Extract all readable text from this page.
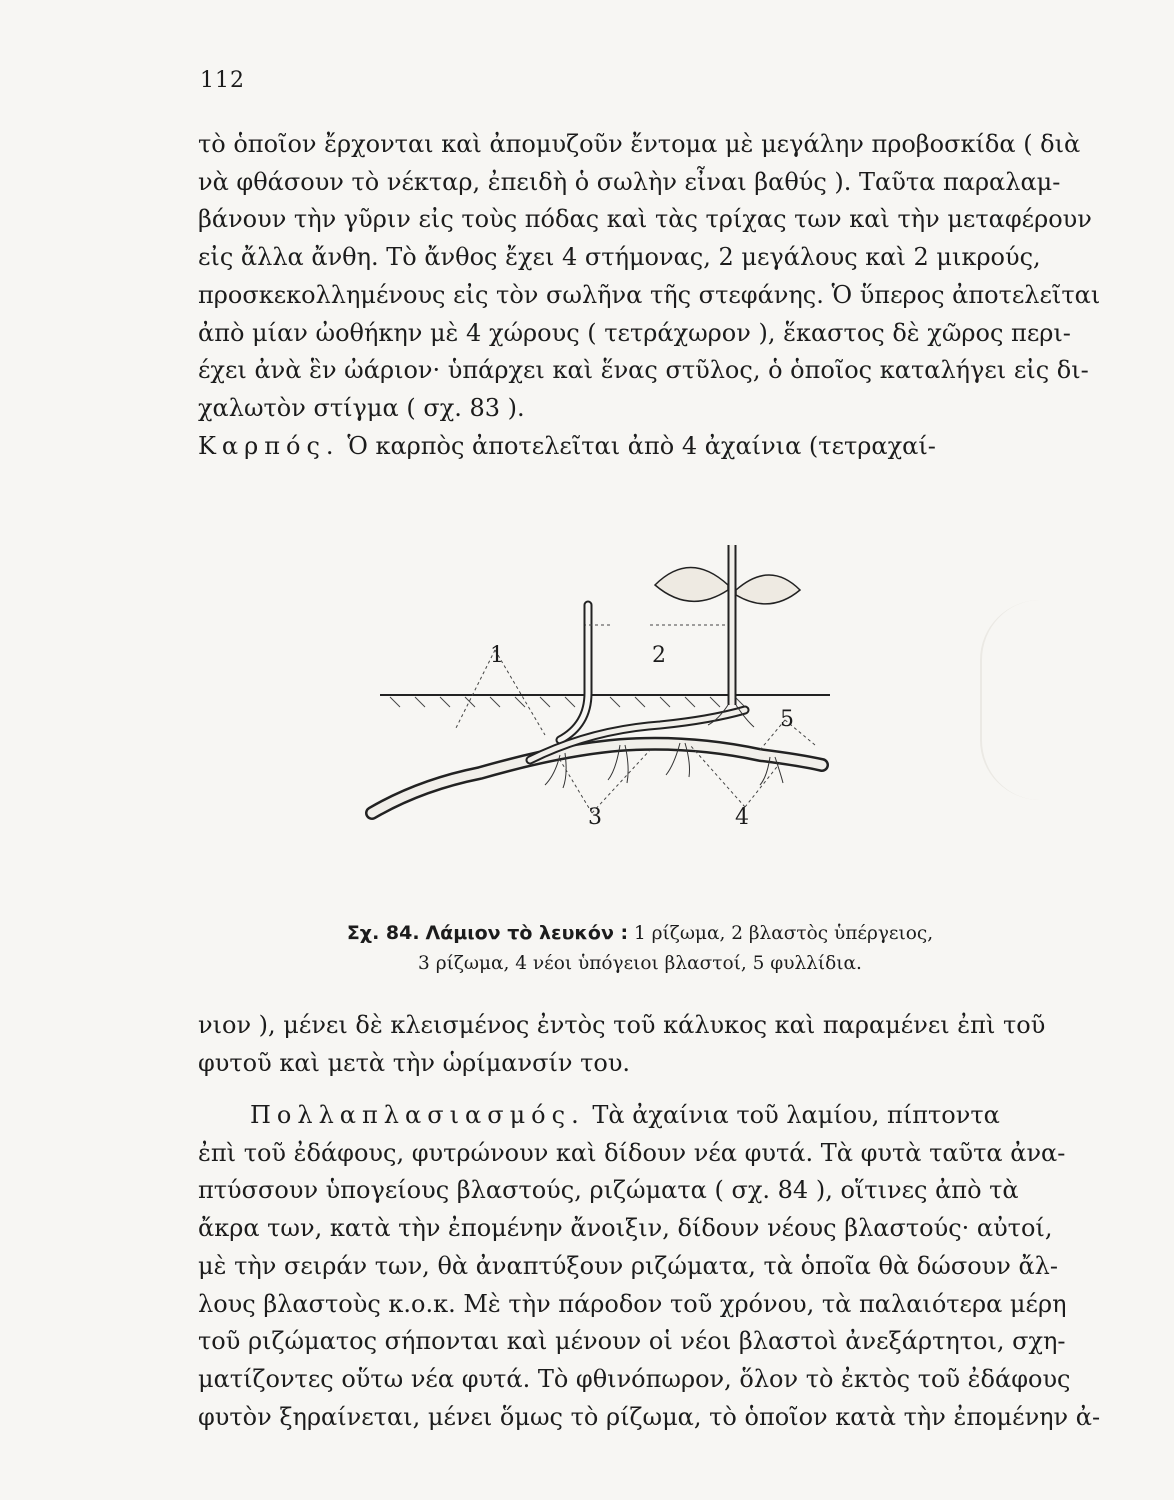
112

τὸ ὁποῖον ἔρχονται καὶ ἀπομυζοῦν ἔντομα μὲ μεγάλην προβοσκίδα ( διὰ
νὰ φθάσουν τὸ νέκταρ, ἐπειδὴ ὁ σωλὴν εἶναι βαθύς ). Ταῦτα παραλαμ-
βάνουν τὴν γῦριν εἰς τοὺς πόδας καὶ τὰς τρίχας των καὶ τὴν μεταφέρουν
εἰς ἄλλα ἄνθη. Τὸ ἄνθος ἔχει 4 στήμονας, 2 μεγάλους καὶ 2 μικρούς,
προσκεκολλημένους εἰς τὸν σωλῆνα τῆς στεφάνης. Ὁ ὕπερος ἀποτελεῖται
ἀπὸ μίαν ὠοθήκην μὲ 4 χώρους ( τετράχωρον ), ἕκαστος δὲ χῶρος περι-
έχει ἀνὰ ἓν ὠάριον· ὑπάρχει καὶ ἕνας στῦλος, ὁ ὁποῖος καταλήγει εἰς δι-
χαλωτὸν στίγμα ( σχ. 83 ).

Καρπός. Ὁ καρπὸς ἀποτελεῖται ἀπὸ 4 ἀχαίνια (τετραχαί-

1	2
3	4
5
Σχ. 84. Λάμιον τὸ λευκόν : 1 ρίζωμα, 2 βλαστὸς ὑπέργειος,
3 ρίζωμα, 4 νέοι ὑπόγειοι βλαστοί, 5 φυλλίδια.

νιον ), μένει δὲ κλεισμένος ἐντὸς τοῦ κάλυκος καὶ παραμένει ἐπὶ τοῦ
φυτοῦ καὶ μετὰ τὴν ὡρίμανσίν του.

Πολλαπλασιασμός. Τὰ ἀχαίνια τοῦ λαμίου, πίπτοντα
ἐπὶ τοῦ ἐδάφους, φυτρώνουν καὶ δίδουν νέα φυτά. Τὰ φυτὰ ταῦτα ἀνα-
πτύσσουν ὑπογείους βλαστούς, ριζώματα ( σχ. 84 ), οἵτινες ἀπὸ τὰ
ἄκρα των, κατὰ τὴν ἐπομένην ἄνοιξιν, δίδουν νέους βλαστούς· αὐτοί,
μὲ τὴν σειράν των, θὰ ἀναπτύξουν ριζώματα, τὰ ὁποῖα θὰ δώσουν ἄλ-
λους βλαστοὺς κ.ο.κ. Μὲ τὴν πάροδον τοῦ χρόνου, τὰ παλαιότερα μέρη
τοῦ ριζώματος σήπονται καὶ μένουν οἱ νέοι βλαστοὶ ἀνεξάρτητοι, σχη-
ματίζοντες οὕτω νέα φυτά. Τὸ φθινόπωρον, ὅλον τὸ ἐκτὸς τοῦ ἐδάφους
φυτὸν ξηραίνεται, μένει ὅμως τὸ ρίζωμα, τὸ ὁποῖον κατὰ τὴν ἐπομένην ἀ-
